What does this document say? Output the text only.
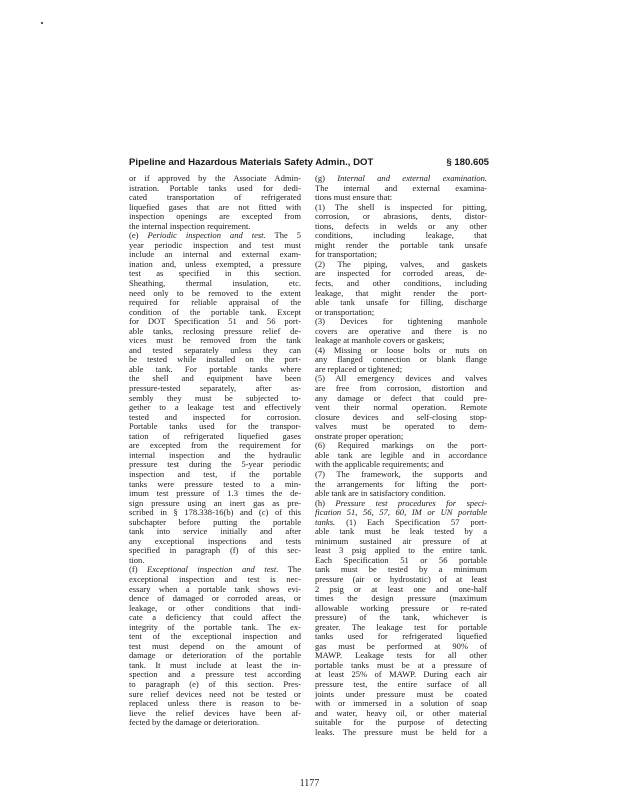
Pipeline and Hazardous Materials Safety Admin., DOT	§ 180.605
or if approved by the Associate Admin-
istration. Portable tanks used for dedi-
cated transportation of refrigerated
liquefied gases that are not fitted with
inspection openings are excepted from
the internal inspection requirement.
(e) Periodic inspection and test. The 5
year periodic inspection and test must
include an internal and external exam-
ination and, unless exempted, a pressure
test as specified in this section.
Sheathing, thermal insulation, etc.
need only to be removed to the extent
required for reliable appraisal of the
condition of the portable tank. Except
for DOT Specification 51 and 56 port-
able tanks, reclosing pressure relief de-
vices must be removed from the tank
and tested separately unless they can
be tested while installed on the port-
able tank. For portable tanks where
the shell and equipment have been
pressure-tested separately, after as-
sembly they must be subjected to-
gether to a leakage test and effectively
tested and inspected for corrosion.
Portable tanks used for the transpor-
tation of refrigerated liquefied gases
are excepted from the requirement for
internal inspection and the hydraulic
pressure test during the 5-year periodic
inspection and test, if the portable
tanks were pressure tested to a min-
imum test pressure of 1.3 times the de-
sign pressure using an inert gas as pre-
scribed in § 178.338-16(b) and (c) of this
subchapter before putting the portable
tank into service initially and after
any exceptional inspections and tests
specified in paragraph (f) of this sec-
tion.
(f) Exceptional inspection and test. The
exceptional inspection and test is nec-
essary when a portable tank shows evi-
dence of damaged or corroded areas, or
leakage, or other conditions that indi-
cate a deficiency that could affect the
integrity of the portable tank. The ex-
tent of the exceptional inspection and
test must depend on the amount of
damage or deterioration of the portable
tank. It must include at least the in-
spection and a pressure test according
to paragraph (e) of this section. Pres-
sure relief devices need not be tested or
replaced unless there is reason to be-
lieve the relief devices have been af-
fected by the damage or deterioration.
(g) Internal and external examination.
The internal and external examina-
tions must ensure that:
(1) The shell is inspected for pitting,
corrosion, or abrasions, dents, distor-
tions, defects in welds or any other
conditions, including leakage, that
might render the portable tank unsafe
for transportation;
(2) The piping, valves, and gaskets
are inspected for corroded areas, de-
fects, and other conditions, including
leakage, that might render the port-
able tank unsafe for filling, discharge
or transportation;
(3) Devices for tightening manhole
covers are operative and there is no
leakage at manhole covers or gaskets;
(4) Missing or loose bolts or nuts on
any flanged connection or blank flange
are replaced or tightened;
(5) All emergency devices and valves
are free from corrosion, distortion and
any damage or defect that could pre-
vent their normal operation. Remote
closure devices and self-closing stop-
valves must be operated to dem-
onstrate proper operation;
(6) Required markings on the port-
able tank are legible and in accordance
with the applicable requirements; and
(7) The framework, the supports and
the arrangements for lifting the port-
able tank are in satisfactory condition.
(h) Pressure test procedures for speci-
fication 51, 56, 57, 60, IM or UN portable
tanks. (1) Each Specification 57 port-
able tank must be leak tested by a
minimum sustained air pressure of at
least 3 psig applied to the entire tank.
Each Specification 51 or 56 portable
tank must be tested by a minimum
pressure (air or hydrostatic) of at least
2 psig or at least one and one-half
times the design pressure (maximum
allowable working pressure or re-rated
pressure) of the tank, whichever is
greater. The leakage test for portable
tanks used for refrigerated liquefied
gas must be performed at 90% of
MAWP. Leakage tests for all other
portable tanks must be at a pressure of
at least 25% of MAWP. During each air
pressure test, the entire surface of all
joints under pressure must be coated
with or immersed in a solution of soap
and water, heavy oil, or other material
suitable for the purpose of detecting
leaks. The pressure must be held for a
1177
